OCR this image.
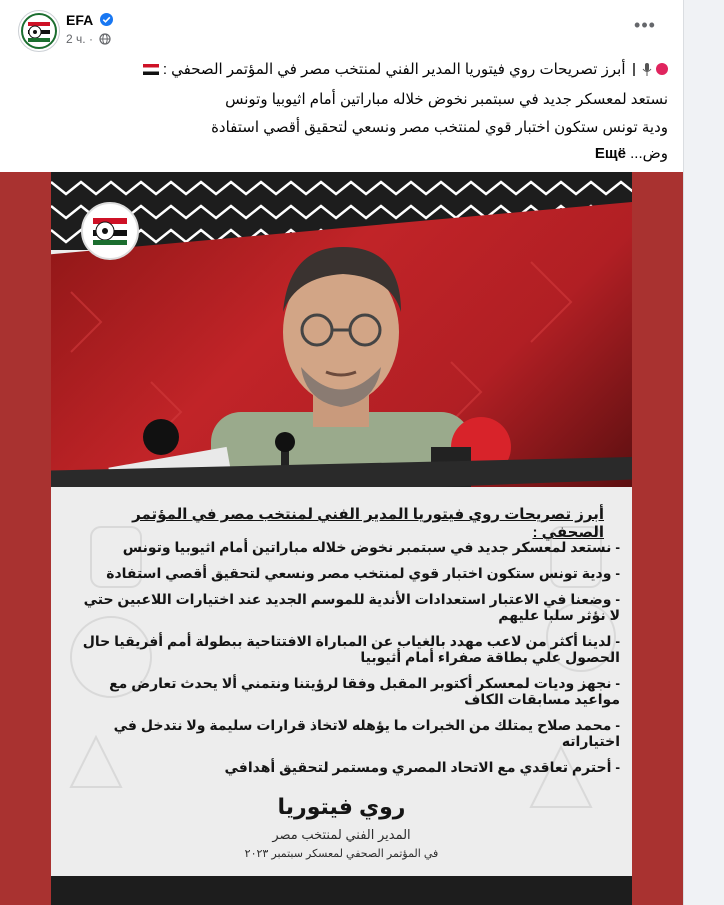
EFA
2 ч. ·
•••
أبرز تصريحات روي فيتوريا المدير الفني لمنتخب مصر في المؤتمر الصحفي :
نستعد لمعسكر جديد في سبتمبر نخوض خلاله مباراتين أمام اثيوبيا وتونس
ودية تونس ستكون اختبار قوي لمنتخب مصر ونسعي لتحقيق أقصي استفادة
وض... Ещё
أبرز تصريحات روي فيتوريا المدير الفني لمنتخب مصر في المؤتمر الصحفي :
- نستعد لمعسكر جديد في سبتمبر نخوض خلاله مباراتين أمام اثيوبيا وتونس
- ودية تونس ستكون اختبار قوي لمنتخب مصر ونسعي لتحقيق أقصي استفادة
- وضعنا في الاعتبار استعدادات الأندية للموسم الجديد عند اختيارات اللاعبين حتي لا نؤثر سلبا عليهم
- لدينا أكثر من لاعب مهدد بالغياب عن المباراة الافتتاحية ببطولة أمم أفريقيا حال الحصول علي بطاقة صفراء أمام أثيوبيا
- نجهز وديات لمعسكر أكتوبر المقبل وفقا لرؤيتنا ونتمني ألا يحدث تعارض مع مواعيد مسابقات الكاف
- محمد صلاح يمتلك من الخبرات ما يؤهله لاتخاذ قرارات سليمة ولا نتدخل في اختياراته
- أحترم تعاقدي مع الاتحاد المصري ومستمر لتحقيق أهدافي
روي فيتوريا
المدير الفني لمنتخب مصر
في المؤتمر الصحفي لمعسكر سبتمبر ٢٠٢٣
